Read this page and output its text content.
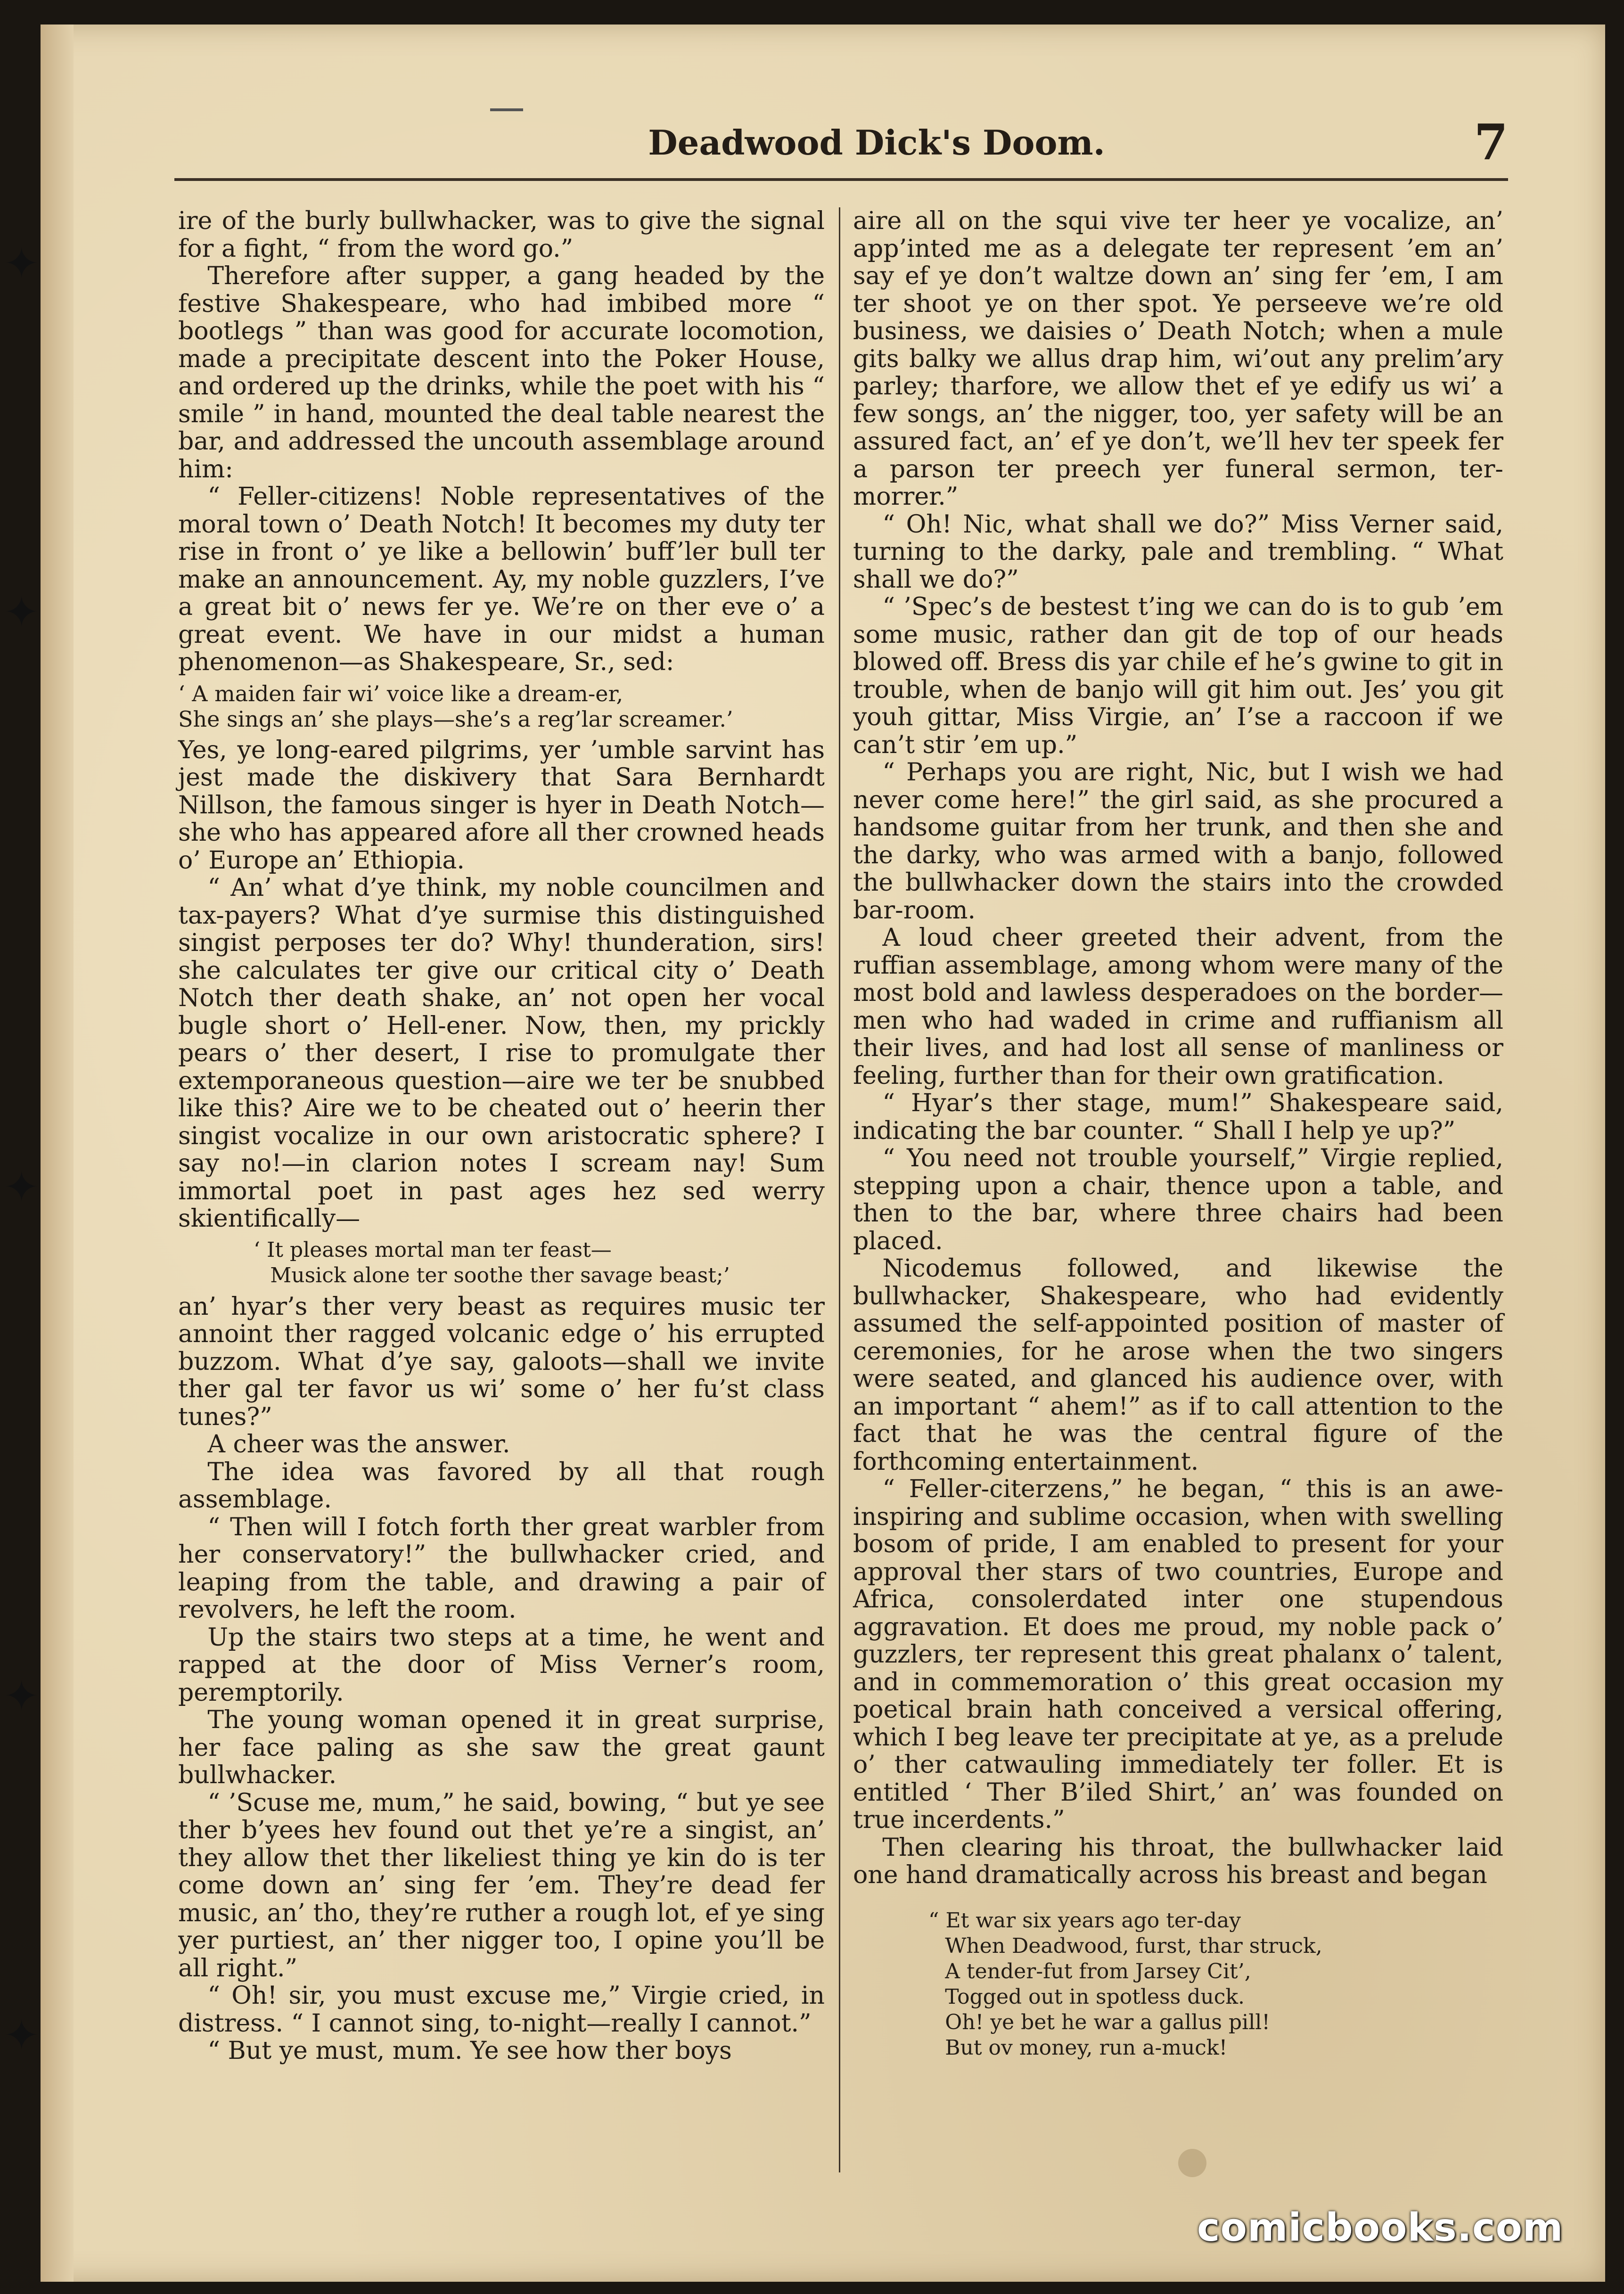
✦
✦
✦
✦
✦
Deadwood Dick's Doom.	7

ire of the burly bullwhacker, was to give the signal for a fight, “ from the word go.”

Therefore after supper, a gang headed by the festive Shakespeare, who had imbibed more “ bootlegs ” than was good for accurate locomotion, made a precipitate descent into the Poker House, and ordered up the drinks, while the poet with his “ smile ” in hand, mounted the deal table nearest the bar, and addressed the uncouth assemblage around him:

“ Feller-citizens! Noble representatives of the moral town o’ Death Notch! It becomes my duty ter rise in front o’ ye like a bellowin’ buff’ler bull ter make an announcement. Ay, my noble guzzlers, I’ve a great bit o’ news fer ye. We’re on ther eve o’ a great event. We have in our midst a human phenomenon—as Shakespeare, Sr., sed:

‘ A maiden fair wi’ voice like a dream-er,
She sings an’ she plays—she’s a reg’lar screamer.’

Yes, ye long-eared pilgrims, yer ’umble sarvint has jest made the diskivery that Sara Bernhardt Nillson, the famous singer is hyer in Death Notch—she who has appeared afore all ther crowned heads o’ Europe an’ Ethiopia.

“ An’ what d’ye think, my noble councilmen and tax-payers? What d’ye surmise this distinguished singist perposes ter do? Why! thunderation, sirs! she calculates ter give our critical city o’ Death Notch ther death shake, an’ not open her vocal bugle short o’ Hell-ener. Now, then, my prickly pears o’ ther desert, I rise to promulgate ther extemporaneous question—aire we ter be snubbed like this? Aire we to be cheated out o’ heerin ther singist vocalize in our own aristocratic sphere? I say no!—in clarion notes I scream nay! Sum immortal poet in past ages hez sed werry skientifically—

‘ It pleases mortal man ter feast—
Musick alone ter soothe ther savage beast;’

an’ hyar’s ther very beast as requires music ter annoint ther ragged volcanic edge o’ his errupted buzzom. What d’ye say, galoots—shall we invite ther gal ter favor us wi’ some o’ her fu’st class tunes?”

A cheer was the answer.

The idea was favored by all that rough assemblage.

“ Then will I fotch forth ther great warbler from her conservatory!” the bullwhacker cried, and leaping from the table, and drawing a pair of revolvers, he left the room.

Up the stairs two steps at a time, he went and rapped at the door of Miss Verner’s room, peremptorily.

The young woman opened it in great surprise, her face paling as she saw the great gaunt bullwhacker.

“ ’Scuse me, mum,” he said, bowing, “ but ye see ther b’yees hev found out thet ye’re a singist, an’ they allow thet ther likeliest thing ye kin do is ter come down an’ sing fer ’em. They’re dead fer music, an’ tho, they’re ruther a rough lot, ef ye sing yer purtiest, an’ ther nigger too, I opine you’ll be all right.”

“ Oh! sir, you must excuse me,” Virgie cried, in distress. “ I cannot sing, to-night—really I cannot.”

“ But ye must, mum. Ye see how ther boys

aire all on the squi vive ter heer ye vocalize, an’ app’inted me as a delegate ter represent ’em an’ say ef ye don’t waltze down an’ sing fer ’em, I am ter shoot ye on ther spot. Ye perseeve we’re old business, we daisies o’ Death Notch; when a mule gits balky we allus drap him, wi’out any prelim’ary parley; tharfore, we allow thet ef ye edify us wi’ a few songs, an’ the nigger, too, yer safety will be an assured fact, an’ ef ye don’t, we’ll hev ter speek fer a parson ter preech yer funeral sermon, ter-morrer.”

“ Oh! Nic, what shall we do?” Miss Verner said, turning to the darky, pale and trembling. “ What shall we do?”

“ ’Spec’s de bestest t’ing we can do is to gub ’em some music, rather dan git de top of our heads blowed off. Bress dis yar chile ef he’s gwine to git in trouble, when de banjo will git him out. Jes’ you git youh gittar, Miss Virgie, an’ I’se a raccoon if we can’t stir ’em up.”

“ Perhaps you are right, Nic, but I wish we had never come here!” the girl said, as she procured a handsome guitar from her trunk, and then she and the darky, who was armed with a banjo, followed the bullwhacker down the stairs into the crowded bar-room.

A loud cheer greeted their advent, from the ruffian assemblage, among whom were many of the most bold and lawless desperadoes on the border—men who had waded in crime and ruffianism all their lives, and had lost all sense of manliness or feeling, further than for their own gratification.

“ Hyar’s ther stage, mum!” Shakespeare said, indicating the bar counter. “ Shall I help ye up?”

“ You need not trouble yourself,” Virgie replied, stepping upon a chair, thence upon a table, and then to the bar, where three chairs had been placed.

Nicodemus followed, and likewise the bullwhacker, Shakespeare, who had evidently assumed the self-appointed position of master of ceremonies, for he arose when the two singers were seated, and glanced his audience over, with an important “ ahem!” as if to call attention to the fact that he was the central figure of the forthcoming entertainment.

“ Feller-citerzens,” he began, “ this is an awe-inspiring and sublime occasion, when with swelling bosom of pride, I am enabled to present for your approval ther stars of two countries, Europe and Africa, consolerdated inter one stupendous aggravation. Et does me proud, my noble pack o’ guzzlers, ter represent this great phalanx o’ talent, and in commemoration o’ this great occasion my poetical brain hath conceived a versical offering, which I beg leave ter precipitate at ye, as a prelude o’ ther catwauling immediately ter foller. Et is entitled ‘ Ther B’iled Shirt,’ an’ was founded on true incerdents.”

Then clearing his throat, the bullwhacker laid one hand dramatically across his breast and began

“ Et war six years ago ter-day
When Deadwood, furst, thar struck,
A tender-fut from Jarsey Cit’,
Togged out in spotless duck.
Oh! ye bet he war a gallus pill!
But ov money, run a-muck!
comicbooks.com
